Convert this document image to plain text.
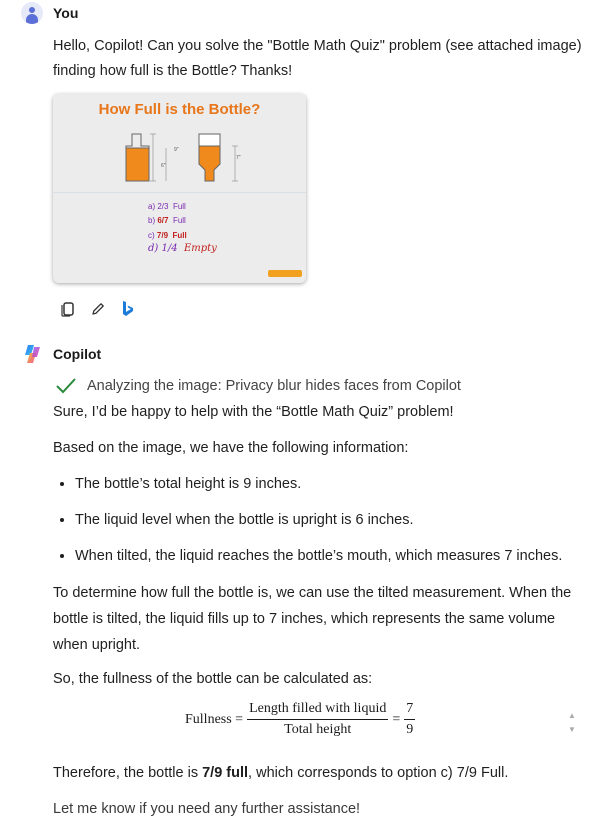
You
Hello, Copilot! Can you solve the "Bottle Math Quiz" problem (see attached image)
finding how full is the Bottle? Thanks!
How Full is the Bottle?
9"
6"
7"
a) 2/3 Full
b) 6/7 Full
c) 7/9 Full
d) 1/4 Empty
Copilot
Analyzing the image: Privacy blur hides faces from Copilot
Sure, I’d be happy to help with the “Bottle Math Quiz” problem!
Based on the image, we have the following information:
• The bottle’s total height is 9 inches.
• The liquid level when the bottle is upright is 6 inches.
• When tilted, the liquid reaches the bottle’s mouth, which measures 7 inches.
To determine how full the bottle is, we can use the tilted measurement. When the
bottle is tilted, the liquid fills up to 7 inches, which represents the same volume
when upright.
So, the fullness of the bottle can be calculated as:
Fullness = $\frac{\text{Length filled with liquid}}{\text{Total height}} = \frac{7}{9}$	▲
▼
Therefore, the bottle is 7/9 full, which corresponds to option c) 7/9 Full.
Let me know if you need any further assistance!
